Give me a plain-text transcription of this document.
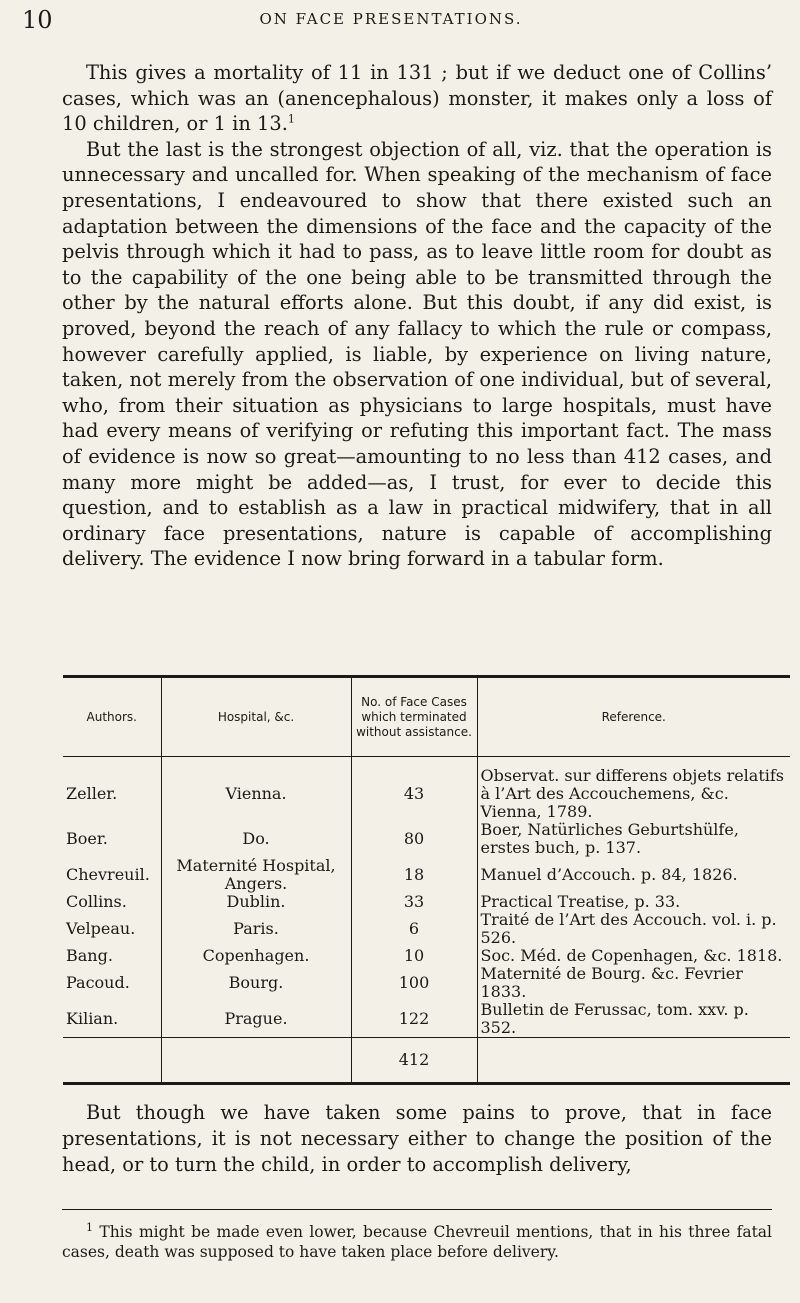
10	ON FACE PRESENTATIONS.

This gives a mortality of 11 in 131 ; but if we deduct one of Collins’ cases, which was an (anencephalous) monster, it makes only a loss of 10 children, or 1 in 13.$^1$

But the last is the strongest objection of all, viz. that the operation is unnecessary and uncalled for. When speaking of the mechanism of face presentations, I endeavoured to show that there existed such an adaptation between the dimensions of the face and the capacity of the pelvis through which it had to pass, as to leave little room for doubt as to the capability of the one being able to be transmitted through the other by the natural efforts alone. But this doubt, if any did exist, is proved, beyond the reach of any fallacy to which the rule or compass, however carefully applied, is liable, by experience on living nature, taken, not merely from the observation of one individual, but of several, who, from their situation as physicians to large hospitals, must have had every means of verifying or refuting this important fact. The mass of evidence is now so great—amounting to no less than 412 cases, and many more might be added—as, I trust, for ever to decide this question, and to establish as a law in practical midwifery, that in all ordinary face presentations, nature is capable of accomplishing delivery. The evidence I now bring forward in a tabular form.

Authors.	Hospital, &c.	No. of Face Cases which terminated without assistance.	Reference.
Zeller.	Vienna.	43	Observat. sur differens objets relatifs à l’Art des Accouchemens, &c. Vienna, 1789.
Boer.	Do.	80	Boer, Natürliches Geburtshülfe, erstes buch, p. 137.
Chevreuil.	Maternité Hospital, Angers.	18	Manuel d’Accouch. p. 84, 1826.
Collins.	Dublin.	33	Practical Treatise, p. 33.
Velpeau.	Paris.	6	Traité de l’Art des Accouch. vol. i. p. 526.
Bang.	Copenhagen.	10	Soc. Méd. de Copenhagen, &c. 1818.
Pacoud.	Bourg.	100	Maternité de Bourg. &c. Fevrier 1833.
Kilian.	Prague.	122	Bulletin de Ferussac, tom. xxv. p. 352.
		412	

But though we have taken some pains to prove, that in face presentations, it is not necessary either to change the position of the head, or to turn the child, in order to accomplish delivery,

$^1$ This might be made even lower, because Chevreuil mentions, that in his three fatal cases, death was supposed to have taken place before delivery.
